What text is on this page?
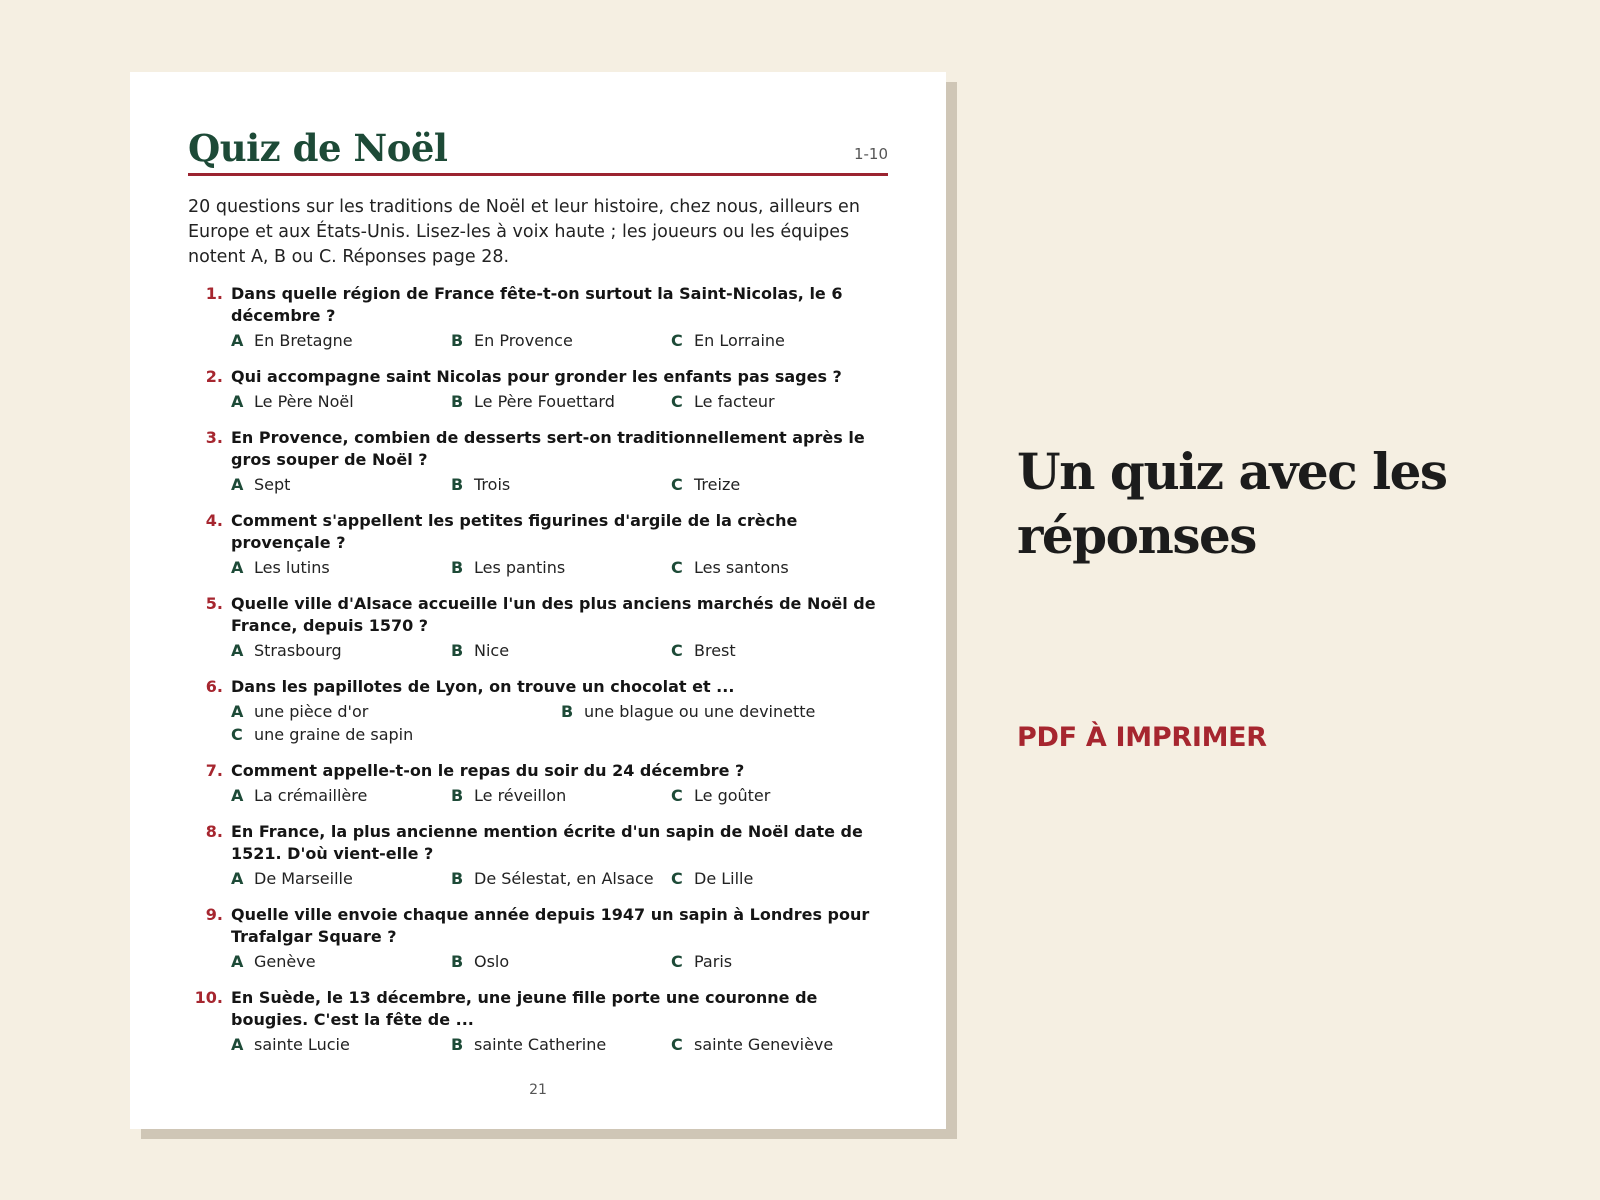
Quiz de Noël	1-10
20 questions sur les traditions de Noël et leur histoire, chez nous, ailleurs en Europe et aux États-Unis. Lisez-les à voix haute ; les joueurs ou les équipes notent A, B ou C. Réponses page 28.
1. Dans quelle région de France fête-t-on surtout la Saint-Nicolas, le 6 décembre ?
A En Bretagne	B En Provence	C En Lorraine
2. Qui accompagne saint Nicolas pour gronder les enfants pas sages ?
A Le Père Noël	B Le Père Fouettard	C Le facteur
3. En Provence, combien de desserts sert-on traditionnellement après le gros souper de Noël ?
A Sept	B Trois	C Treize
4. Comment s'appellent les petites figurines d'argile de la crèche provençale ?
A Les lutins	B Les pantins	C Les santons
5. Quelle ville d'Alsace accueille l'un des plus anciens marchés de Noël de France, depuis 1570 ?
A Strasbourg	B Nice	C Brest
6. Dans les papillotes de Lyon, on trouve un chocolat et ...
A une pièce d'or	B une blague ou une devinette
C une graine de sapin
7. Comment appelle-t-on le repas du soir du 24 décembre ?
A La crémaillère	B Le réveillon	C Le goûter
8. En France, la plus ancienne mention écrite d'un sapin de Noël date de 1521. D'où vient-elle ?
A De Marseille	B De Sélestat, en Alsace	C De Lille
9. Quelle ville envoie chaque année depuis 1947 un sapin à Londres pour Trafalgar Square ?
A Genève	B Oslo	C Paris
10. En Suède, le 13 décembre, une jeune fille porte une couronne de bougies. C'est la fête de ...
A sainte Lucie	B sainte Catherine	C sainte Geneviève
21
Un quiz avec les réponses
PDF À IMPRIMER
